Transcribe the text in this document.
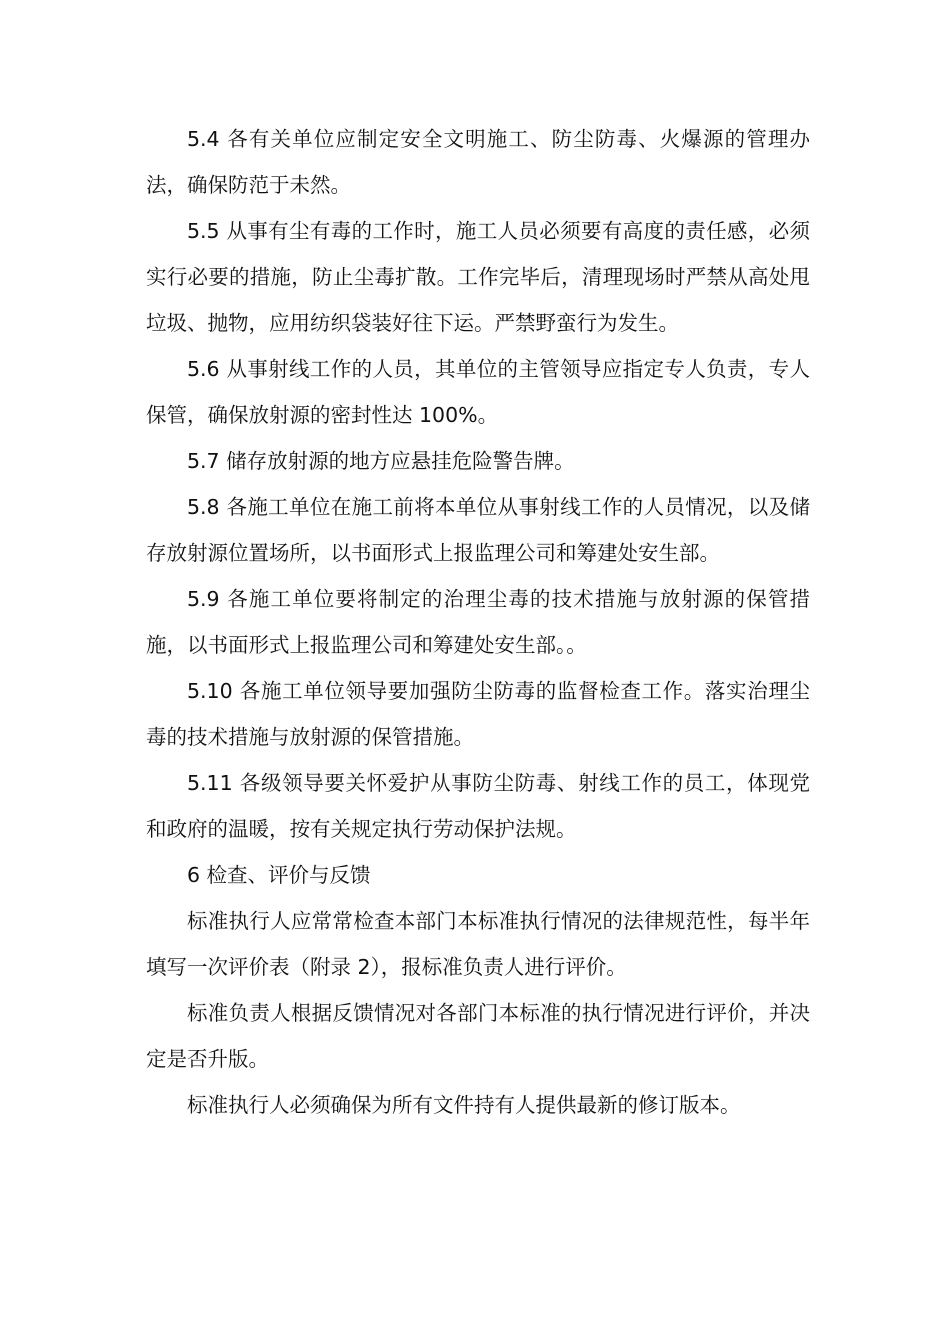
5.4 各有关单位应制定安全文明施工、防尘防毒、火爆源的管理办法，确保防范于未然。

5.5 从事有尘有毒的工作时，施工人员必须要有高度的责任感，必须实行必要的措施，防止尘毒扩散。工作完毕后，清理现场时严禁从高处甩垃圾、抛物，应用纺织袋装好往下运。严禁野蛮行为发生。

5.6 从事射线工作的人员，其单位的主管领导应指定专人负责，专人保管，确保放射源的密封性达 100%。

5.7 储存放射源的地方应悬挂危险警告牌。

5.8 各施工单位在施工前将本单位从事射线工作的人员情况，以及储存放射源位置场所，以书面形式上报监理公司和筹建处安生部。

5.9 各施工单位要将制定的治理尘毒的技术措施与放射源的保管措施，以书面形式上报监理公司和筹建处安生部。。

5.10 各施工单位领导要加强防尘防毒的监督检查工作。落实治理尘毒的技术措施与放射源的保管措施。

5.11 各级领导要关怀爱护从事防尘防毒、射线工作的员工，体现党和政府的温暖，按有关规定执行劳动保护法规。

6 检查、评价与反馈

标准执行人应常常检查本部门本标准执行情况的法律规范性，每半年填写一次评价表（附录 2），报标准负责人进行评价。

标准负责人根据反馈情况对各部门本标准的执行情况进行评价，并决定是否升版。

标准执行人必须确保为所有文件持有人提供最新的修订版本。
